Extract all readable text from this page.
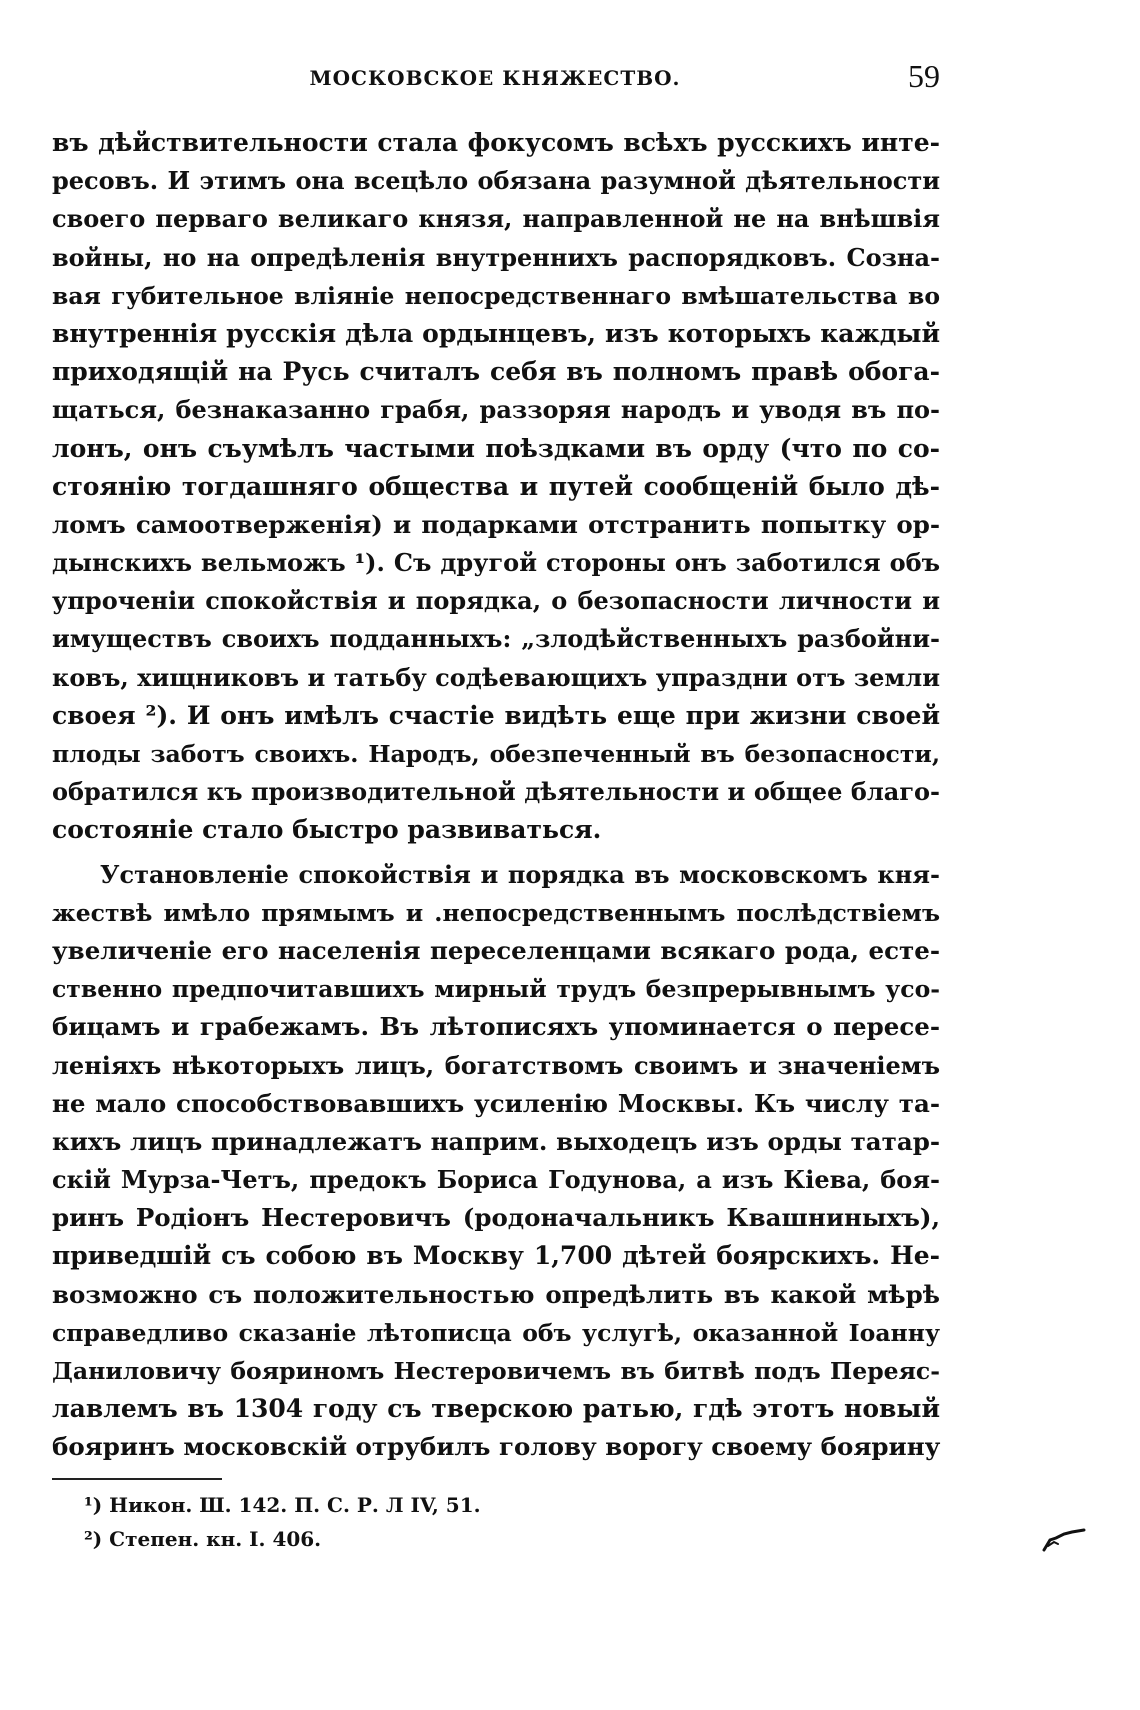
МОСКОВСКОЕ КНЯЖЕСТВО.	59
въ дѣйствительности стала фокусомъ всѣхъ русскихъ инте-
ресовъ. И этимъ она всецѣло обязана разумной дѣятельности
своего перваго великаго князя, направленной не на внѣшвія
войны, но на опредѣленія внутреннихъ распорядковъ. Созна-
вая губительное вліяніе непосредственнаго вмѣшательства во
внутреннія русскія дѣла ордынцевъ, изъ которыхъ каждый
приходящій на Русь считалъ себя въ полномъ правѣ обога-
щаться, безнаказанно грабя, раззоряя народъ и уводя въ по-
лонъ, онъ съумѣлъ частыми поѣздками въ орду (что по со-
стоянію тогдашняго общества и путей сообщеній было дѣ-
ломъ самоотверженія) и подарками отстранить попытку ор-
дынскихъ вельможъ ¹). Съ другой стороны онъ заботился объ
упроченіи спокойствія и порядка, о безопасности личности и
имуществъ своихъ подданныхъ: „злодѣйственныхъ разбойни-
ковъ, хищниковъ и татьбу содѣевающихъ упраздни отъ земли
своея ²). И онъ имѣлъ счастіе видѣть еще при жизни своей
плоды заботъ своихъ. Народъ, обезпеченный въ безопасности,
обратился къ производительной дѣятельности и общее благо-
состояніе стало быстро развиваться.
Установленіе спокойствія и порядка въ московскомъ кня-
жествѣ имѣло прямымъ и .непосредственнымъ послѣдствіемъ
увеличеніе его населенія переселенцами всякаго рода, есте-
ственно предпочитавшихъ мирный трудъ безпрерывнымъ усо-
бицамъ и грабежамъ. Въ лѣтописяхъ упоминается о пересе-
леніяхъ нѣкоторыхъ лицъ, богатствомъ своимъ и значеніемъ
не мало способствовавшихъ усиленію Москвы. Къ числу та-
кихъ лицъ принадлежатъ наприм. выходецъ изъ орды татар-
скій Мурза-Четъ, предокъ Бориса Годунова, а изъ Кіева, боя-
ринъ Родіонъ Нестеровичъ (родоначальникъ Квашниныхъ),
приведшій съ собою въ Москву 1,700 дѣтей боярскихъ. Не-
возможно съ положительностью опредѣлить въ какой мѣрѣ
справедливо сказаніе лѣтописца объ услугѣ, оказанной Іоанну
Даниловичу бояриномъ Нестеровичемъ въ битвѣ подъ Переяс-
лавлемъ въ 1304 году съ тверскою ратью, гдѣ этотъ новый
бояринъ московскій отрубилъ голову ворогу своему боярину
¹) Никон. Ш. 142. П. С. Р. Л IV, 51.
²) Степен. кн. I. 406.
